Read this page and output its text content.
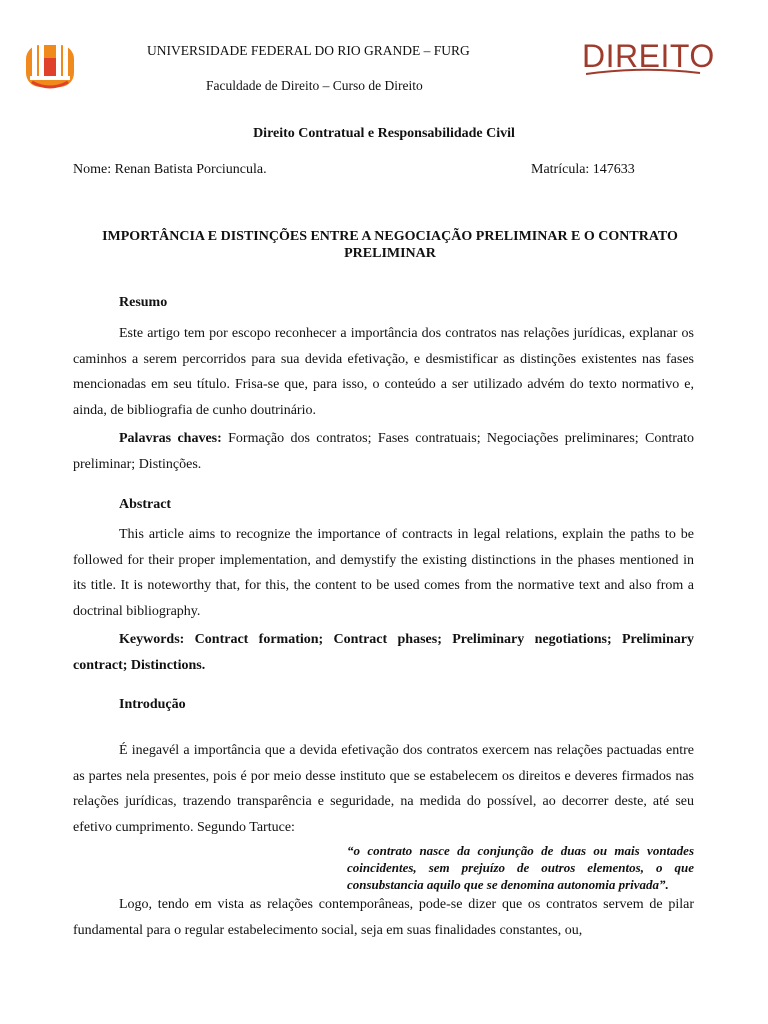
UNIVERSIDADE FEDERAL DO RIO GRANDE – FURG
Faculdade de Direito – Curso de Direito
DIREITO
Direito Contratual e Responsabilidade Civil
Nome: Renan Batista Porciuncula.	Matrícula: 147633
IMPORTÂNCIA E DISTINÇÕES ENTRE A NEGOCIAÇÃO PRELIMINAR E O CONTRATO PRELIMINAR
Resumo
Este artigo tem por escopo reconhecer a importância dos contratos nas relações jurídicas, explanar os caminhos a serem percorridos para sua devida efetivação, e desmistificar as distinções existentes nas fases mencionadas em seu título. Frisa-se que, para isso, o conteúdo a ser utilizado advém do texto normativo e, ainda, de bibliografia de cunho doutrinário.
Palavras chaves: Formação dos contratos; Fases contratuais; Negociações preliminares; Contrato preliminar; Distinções.
Abstract
This article aims to recognize the importance of contracts in legal relations, explain the paths to be followed for their proper implementation, and demystify the existing distinctions in the phases mentioned in its title. It is noteworthy that, for this, the content to be used comes from the normative text and also from a doctrinal bibliography.
Keywords: Contract formation; Contract phases; Preliminary negotiations; Preliminary contract; Distinctions.
Introdução
É inegavél a importância que a devida efetivação dos contratos exercem nas relações pactuadas entre as partes nela presentes, pois é por meio desse instituto que se estabelecem os direitos e deveres firmados nas relações jurídicas, trazendo transparência e seguridade, na medida do possível, ao decorrer deste, até seu efetivo cumprimento. Segundo Tartuce:
“o contrato nasce da conjunção de duas ou mais vontades coincidentes, sem prejuízo de outros elementos, o que consubstancia aquilo que se denomina autonomia privada”.
Logo, tendo em vista as relações contemporâneas, pode-se dizer que os contratos servem de pilar fundamental para o regular estabelecimento social, seja em suas finalidades constantes, ou,
